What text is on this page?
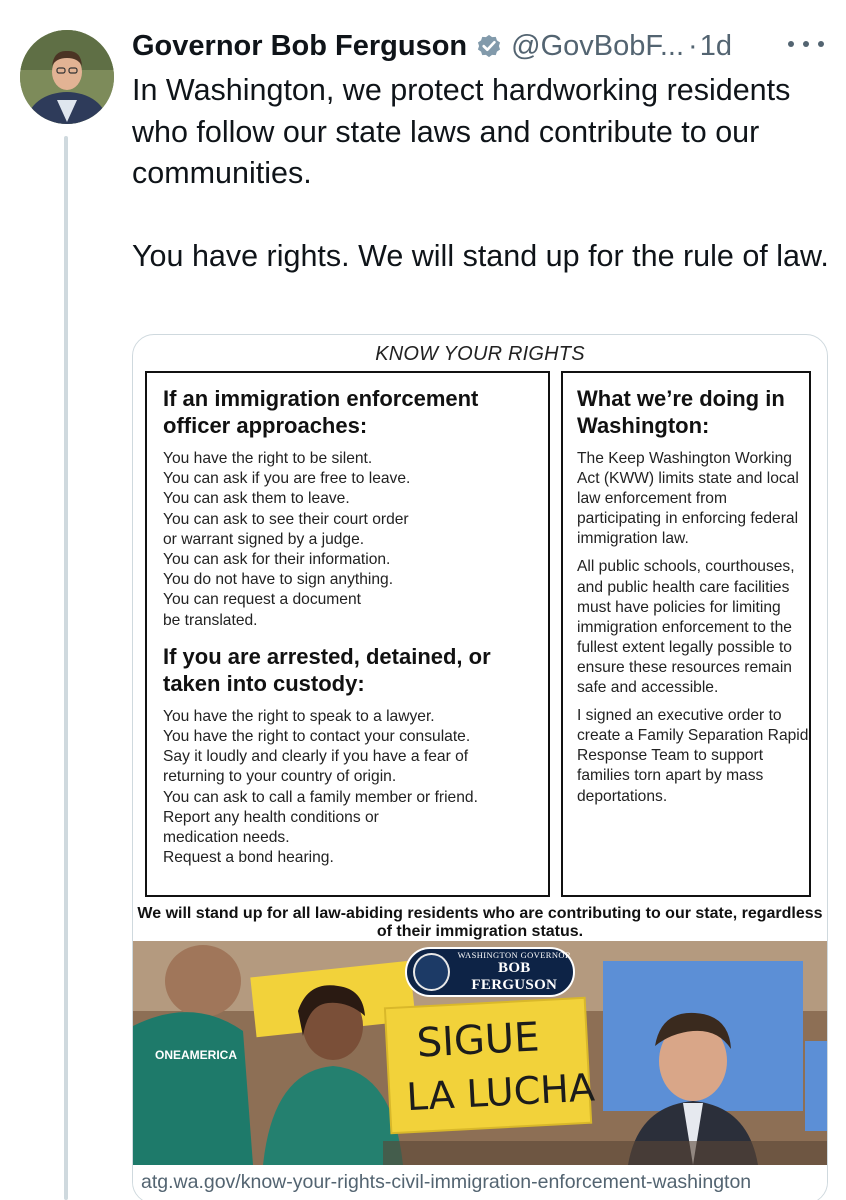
Governor Bob Ferguson @GovBobF... · 1d

In Washington, we protect hardworking residents who follow our state laws and contribute to our communities.

You have rights. We will stand up for the rule of law.

KNOW YOUR RIGHTS
If an immigration enforcement officer approaches:
You have the right to be silent.
You can ask if you are free to leave.
You can ask them to leave.
You can ask to see their court order
or warrant signed by a judge.
You can ask for their information.
You do not have to sign anything.
You can request a document
be translated.
If you are arrested, detained, or taken into custody:
You have the right to speak to a lawyer.
You have the right to contact your consulate.
Say it loudly and clearly if you have a fear of
returning to your country of origin.
You can ask to call a family member or friend.
Report any health conditions or
medication needs.
Request a bond hearing.
What we’re doing in Washington:
The Keep Washington Working Act (KWW) limits state and local law enforcement from participating in enforcing federal immigration law.
All public schools, courthouses, and public health care facilities must have policies for limiting immigration enforcement to the fullest extent legally possible to ensure these resources remain safe and accessible.
I signed an executive order to create a Family Separation Rapid Response Team to support families torn apart by mass deportations.
We will stand up for all law-abiding residents who are contributing to our state, regardless of their immigration status.
ONEAMERICA	SIGUE
LA LUCHA
WASHINGTON GOVERNOR
BOB FERGUSON
atg.wa.gov/know-your-rights-civil-immigration-enforcement-washington
